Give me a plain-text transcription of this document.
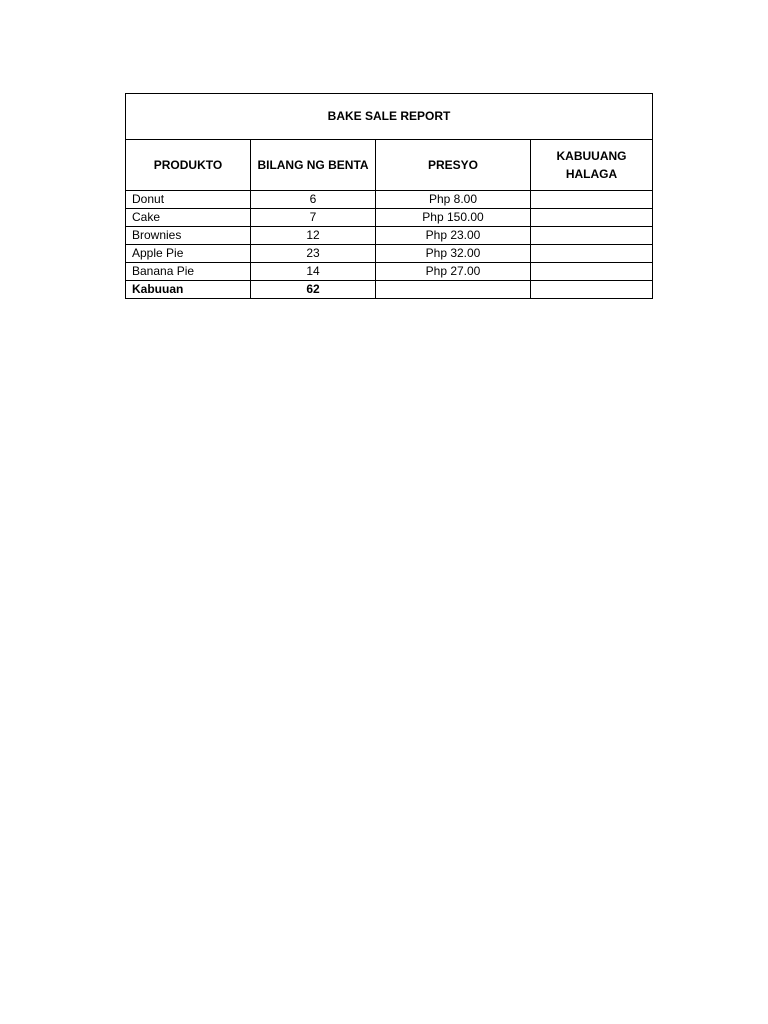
BAKE SALE REPORT			
PRODUKTO	BILANG NG BENTA	PRESYO	KABUUANG HALAGA
Donut	6	Php 8.00	
Cake	7	Php 150.00	
Brownies	12	Php 23.00	
Apple Pie	23	Php 32.00	
Banana Pie	14	Php 27.00	
Kabuuan	62		
